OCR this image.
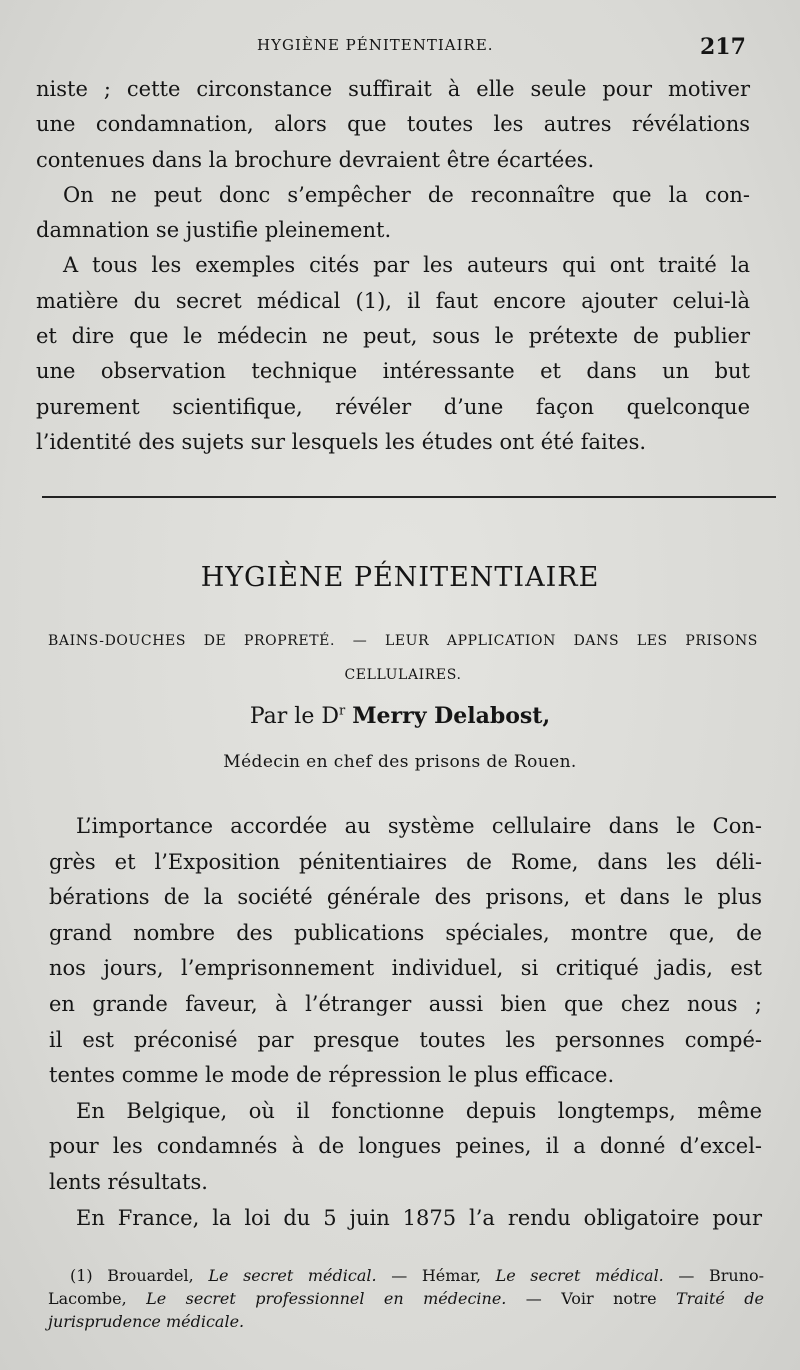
HYGIÈNE PÉNITENTIAIRE.	217

niste ; cette circonstance suffirait à elle seule pour motiver

une condamnation, alors que toutes les autres révélations

contenues dans la brochure devraient être écartées.

On ne peut donc s’empêcher de reconnaître que la con-

damnation se justifie pleinement.

A tous les exemples cités par les auteurs qui ont traité la

matière du secret médical (1), il faut encore ajouter celui-là

et dire que le médecin ne peut, sous le prétexte de publier

une observation technique intéressante et dans un but

purement scientifique, révéler d’une façon quelconque

l’identité des sujets sur lesquels les études ont été faites.

HYGIÈNE PÉNITENTIAIRE
BAINS-DOUCHES DE PROPRETÉ. — LEUR APPLICATION DANS LES PRISONS CELLULAIRES.
Par le $D^r$ Merry Delabost,
Médecin en chef des prisons de Rouen.

L’importance accordée au système cellulaire dans le Con-

grès et l’Exposition pénitentiaires de Rome, dans les déli-

bérations de la société générale des prisons, et dans le plus

grand nombre des publications spéciales, montre que, de

nos jours, l’emprisonnement individuel, si critiqué jadis, est

en grande faveur, à l’étranger aussi bien que chez nous ;

il est préconisé par presque toutes les personnes compé-

tentes comme le mode de répression le plus efficace.

En Belgique, où il fonctionne depuis longtemps, même

pour les condamnés à de longues peines, il a donné d’excel-

lents résultats.

En France, la loi du 5 juin 1875 l’a rendu obligatoire pour

(1) Brouardel, Le secret médical. — Hémar, Le secret médical. — Bruno-

Lacombe, Le secret professionnel en médecine. — Voir notre Traité de

jurisprudence médicale.
